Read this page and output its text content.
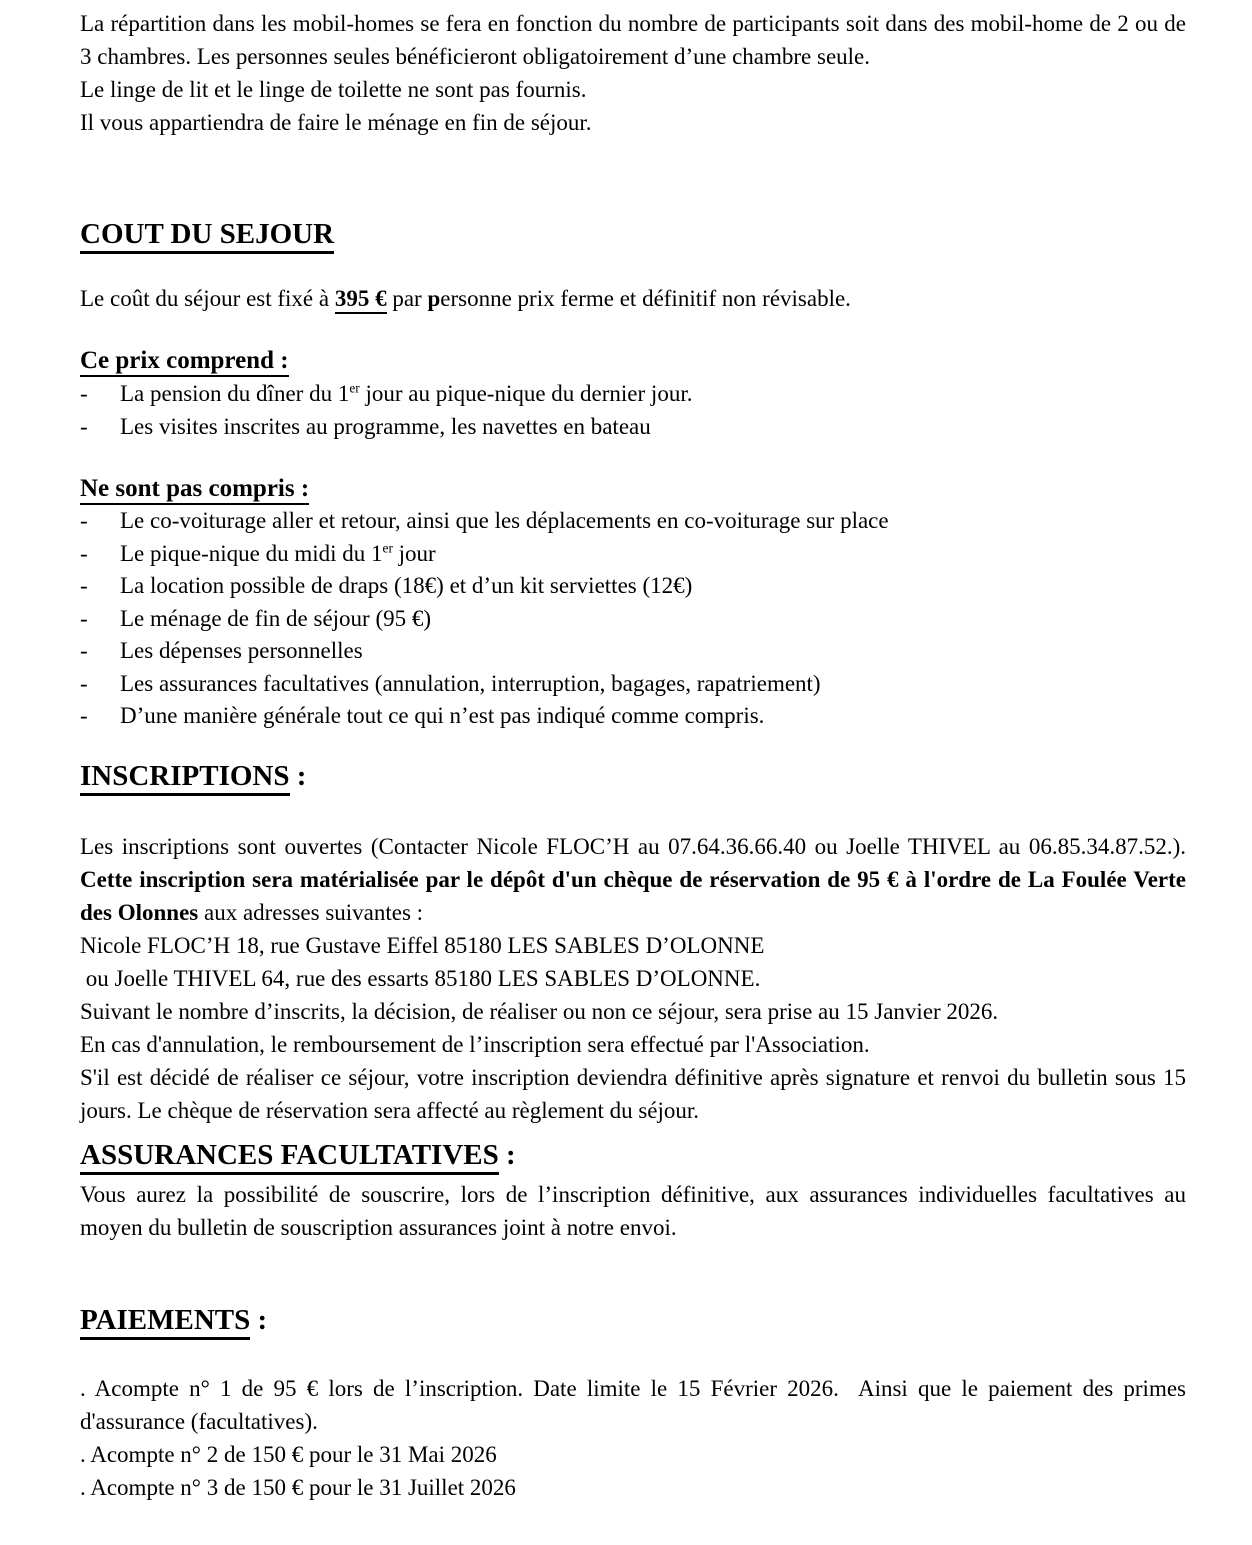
La répartition dans les mobil-homes se fera en fonction du nombre de participants soit dans des mobil-home de 2 ou de 3 chambres. Les personnes seules bénéficieront obligatoirement d’une chambre seule.
Le linge de lit et le linge de toilette ne sont pas fournis.
Il vous appartiendra de faire le ménage en fin de séjour.
COUT DU SEJOUR
Le coût du séjour est fixé à 395 € par personne prix ferme et définitif non révisable.
Ce prix comprend :
-	La pension du dîner du 1er jour au pique-nique du dernier jour.
-	Les visites inscrites au programme, les navettes en bateau
Ne sont pas compris :
-	Le co-voiturage aller et retour, ainsi que les déplacements en co-voiturage sur place
-	Le pique-nique du midi du 1er jour
-	La location possible de draps (18€) et d’un kit serviettes (12€)
-	Le ménage de fin de séjour (95 €)
-	Les dépenses personnelles
-	Les assurances facultatives (annulation, interruption, bagages, rapatriement)
-	D’une manière générale tout ce qui n’est pas indiqué comme compris.
INSCRIPTIONS :
Les inscriptions sont ouvertes (Contacter Nicole FLOC’H au 07.64.36.66.40 ou Joelle THIVEL au 06.85.34.87.52.). Cette inscription sera matérialisée par le dépôt d'un chèque de réservation de 95 € à l'ordre de La Foulée Verte des Olonnes aux adresses suivantes :
Nicole FLOC’H 18, rue Gustave Eiffel 85180 LES SABLES D’OLONNE
ou Joelle THIVEL 64, rue des essarts 85180 LES SABLES D’OLONNE.
Suivant le nombre d’inscrits, la décision, de réaliser ou non ce séjour, sera prise au 15 Janvier 2026.
En cas d'annulation, le remboursement de l’inscription sera effectué par l'Association.
S'il est décidé de réaliser ce séjour, votre inscription deviendra définitive après signature et renvoi du bulletin sous 15 jours. Le chèque de réservation sera affecté au règlement du séjour.
ASSURANCES FACULTATIVES :
Vous aurez la possibilité de souscrire, lors de l’inscription définitive, aux assurances individuelles facultatives au moyen du bulletin de souscription assurances joint à notre envoi.
PAIEMENTS :
. Acompte n° 1 de 95 € lors de l’inscription. Date limite le 15 Février 2026.  Ainsi que le paiement des primes d'assurance (facultatives).
. Acompte n° 2 de 150 € pour le 31 Mai 2026
. Acompte n° 3 de 150 € pour le 31 Juillet 2026
